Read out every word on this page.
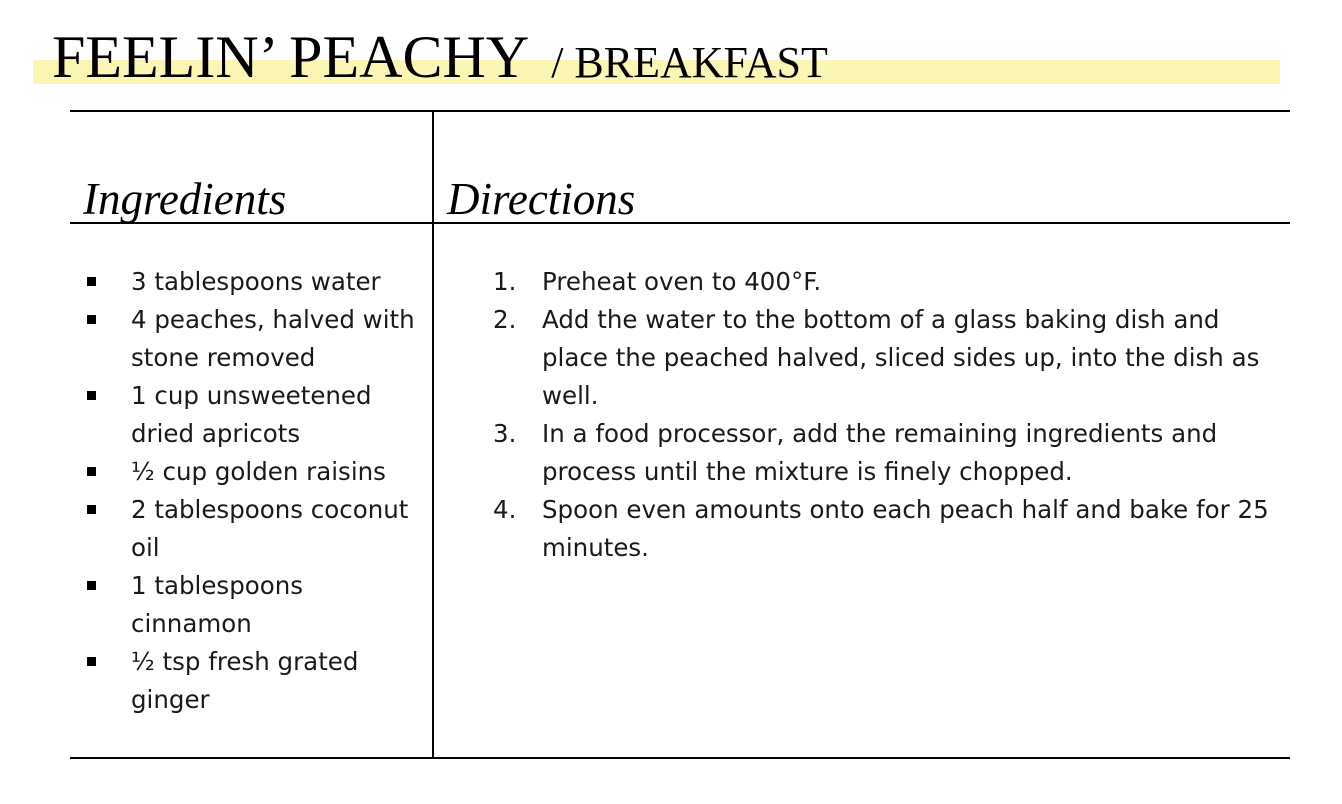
FEELIN’ PEACHY / BREAKFAST
Ingredients	Directions
3 tablespoons water
4 peaches, halved with stone removed
1 cup unsweetened dried apricots
½ cup golden raisins
2 tablespoons coconut oil
1 tablespoons cinnamon
½ tsp fresh grated ginger
1. Preheat oven to 400°F.
2. Add the water to the bottom of a glass baking dish and place the peached halved, sliced sides up, into the dish as well.
3. In a food processor, add the remaining ingredients and process until the mixture is finely chopped.
4. Spoon even amounts onto each peach half and bake for 25 minutes.
